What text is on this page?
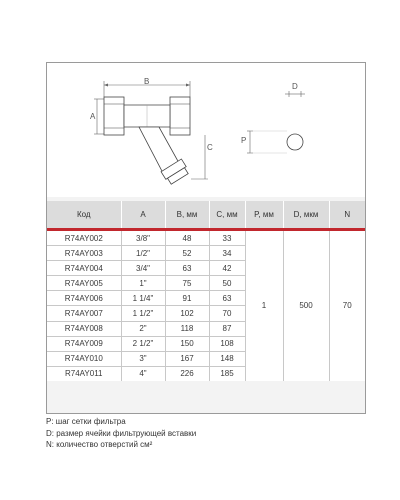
B
A
C
D
P
Код	A	B, мм	C, мм	P, мм	D, мкм	N
R74AY002	3/8"	48	33	1	500	70
R74AY003	1/2"	52	34			
R74AY004	3/4"	63	42			
R74AY005	1"	75	50			
R74AY006	1 1/4"	91	63			
R74AY007	1 1/2"	102	70			
R74AY008	2"	118	87			
R74AY009	2 1/2"	150	108			
R74AY010	3"	167	148			
R74AY011	4"	226	185			
P: шаг сетки фильтра
D: размер ячейки фильтрующей вставки
N: количество отверстий см²
